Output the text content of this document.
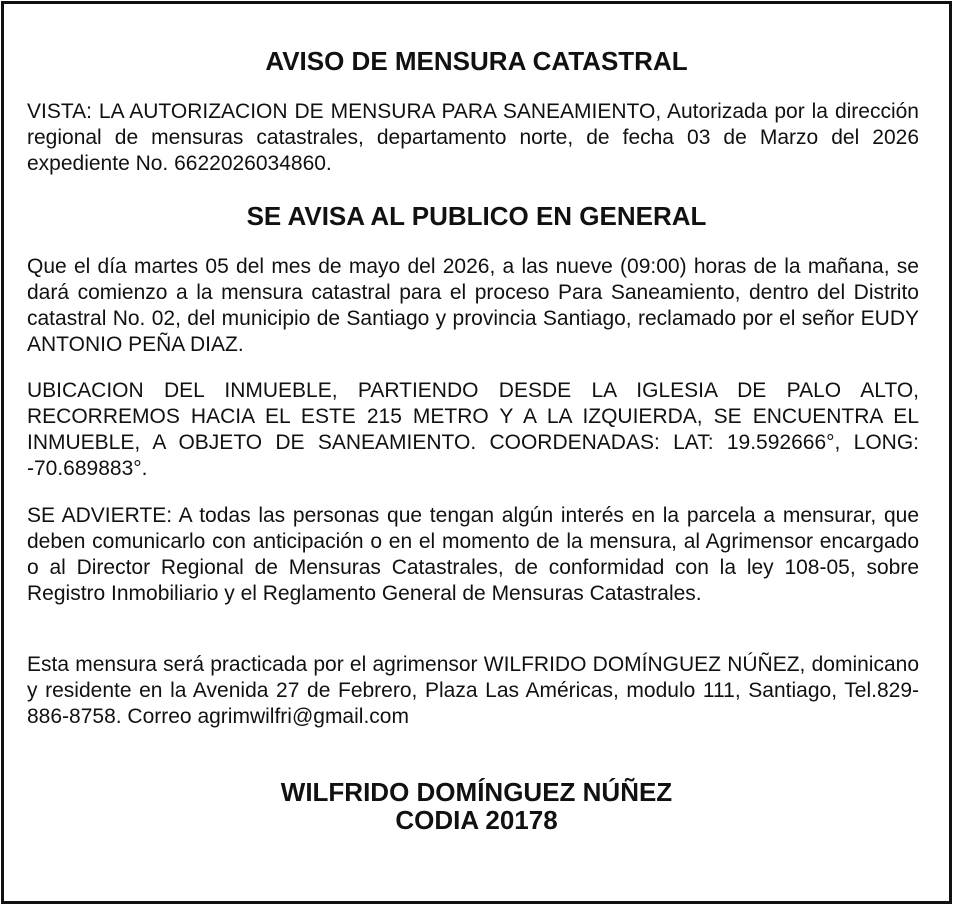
AVISO DE MENSURA CATASTRAL

VISTA: LA AUTORIZACION DE MENSURA PARA SANEAMIENTO, Autorizada por la dirección regional de mensuras catastrales, departamento norte, de fecha 03 de Marzo del 2026 expediente No. 6622026034860.

SE AVISA AL PUBLICO EN GENERAL

Que el día martes 05 del mes de mayo del 2026, a las nueve (09:00) horas de la mañana, se dará comienzo a la mensura catastral para el proceso Para Saneamiento, dentro del Distrito catastral No. 02, del municipio de Santiago y provincia Santiago, reclamado por el señor EUDY ANTONIO PEÑA DIAZ.

UBICACION DEL INMUEBLE, PARTIENDO DESDE LA IGLESIA DE PALO ALTO, RECORREMOS HACIA EL ESTE 215 METRO Y A LA IZQUIERDA, SE ENCUENTRA EL INMUEBLE, A OBJETO DE SANEAMIENTO. COORDENADAS: LAT: 19.592666°, LONG: -70.689883°.

SE ADVIERTE: A todas las personas que tengan algún interés en la parcela a mensurar, que deben comunicarlo con anticipación o en el momento de la mensura, al Agrimensor encargado o al Director Regional de Mensuras Catastrales, de conformidad con la ley 108-05, sobre Registro Inmobiliario y el Reglamento General de Mensuras Catastrales.

Esta mensura será practicada por el agrimensor WILFRIDO DOMÍNGUEZ NÚÑEZ, dominicano y residente en la Avenida 27 de Febrero, Plaza Las Américas, modulo 111, Santiago, Tel.829-886-8758. Correo agrimwilfri@gmail.com

WILFRIDO DOMÍNGUEZ NÚÑEZ

CODIA 20178
